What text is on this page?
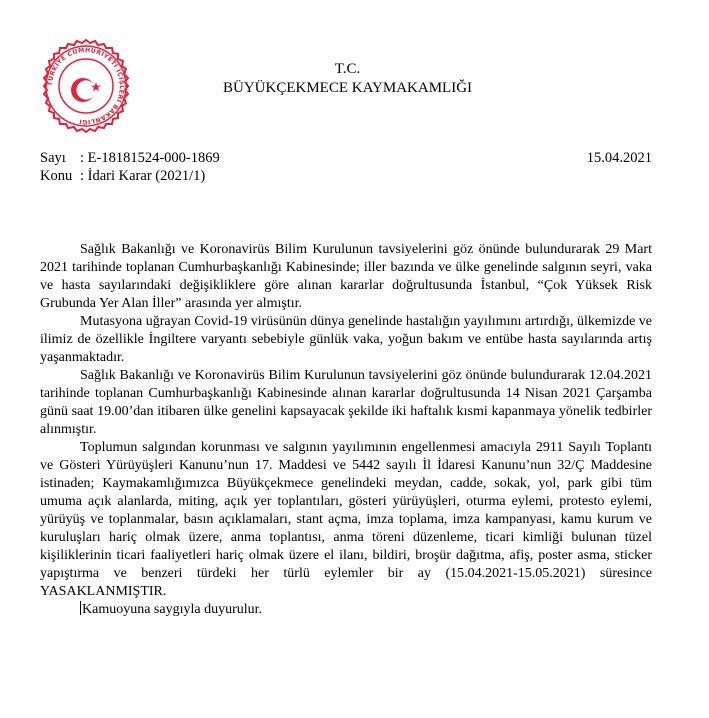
TÜRKİYE CUMHURİYETİ İÇİŞLERİ BAKANLIĞI
T.C.
BÜYÜKÇEKMECE KAYMAKAMLIĞI
Sayı : E-18181524-000-1869
Konu : İdari Karar (2021/1)
15.04.2021

Sağlık Bakanlığı ve Koronavirüs Bilim Kurulunun tavsiyelerini göz önünde bulundurarak 29 Mart 2021 tarihinde toplanan Cumhurbaşkanlığı Kabinesinde; iller bazında ve ülke genelinde salgının seyri, vaka ve hasta sayılarındaki değişikliklere göre alınan kararlar doğrultusunda İstanbul, “Çok Yüksek Risk Grubunda Yer Alan İller” arasında yer almıştır.

Mutasyona uğrayan Covid-19 virüsünün dünya genelinde hastalığın yayılımını artırdığı, ülkemizde ve ilimiz de özellikle İngiltere varyantı sebebiyle günlük vaka, yoğun bakım ve entübe hasta sayılarında artış yaşanmaktadır.

Sağlık Bakanlığı ve Koronavirüs Bilim Kurulunun tavsiyelerini göz önünde bulundurarak 12.04.2021 tarihinde toplanan Cumhurbaşkanlığı Kabinesinde alınan kararlar doğrultusunda 14 Nisan 2021 Çarşamba günü saat 19.00’dan itibaren ülke genelini kapsayacak şekilde iki haftalık kısmi kapanmaya yönelik tedbirler alınmıştır.

Toplumun salgından korunması ve salgının yayılımının engellenmesi amacıyla 2911 Sayılı Toplantı ve Gösteri Yürüyüşleri Kanunu’nun 17. Maddesi ve 5442 sayılı İl İdaresi Kanunu’nun 32/Ç Maddesine istinaden; Kaymakamlığımızca Büyükçekmece genelindeki meydan, cadde, sokak, yol, park gibi tüm umuma açık alanlarda, miting, açık yer toplantıları, gösteri yürüyüşleri, oturma eylemi, protesto eylemi, yürüyüş ve toplanmalar, basın açıklamaları, stant açma, imza toplama, imza kampanyası, kamu kurum ve kuruluşları hariç olmak üzere, anma toplantısı, anma töreni düzenleme, ticari kimliği bulunan tüzel kişiliklerinin ticari faaliyetleri hariç olmak üzere el ilanı, bildiri, broşür dağıtma, afiş, poster asma, sticker yapıştırma ve benzeri türdeki her türlü eylemler bir ay (15.04.2021-15.05.2021) süresince YASAKLANMIŞTIR.

Kamuoyuna saygıyla duyurulur.
